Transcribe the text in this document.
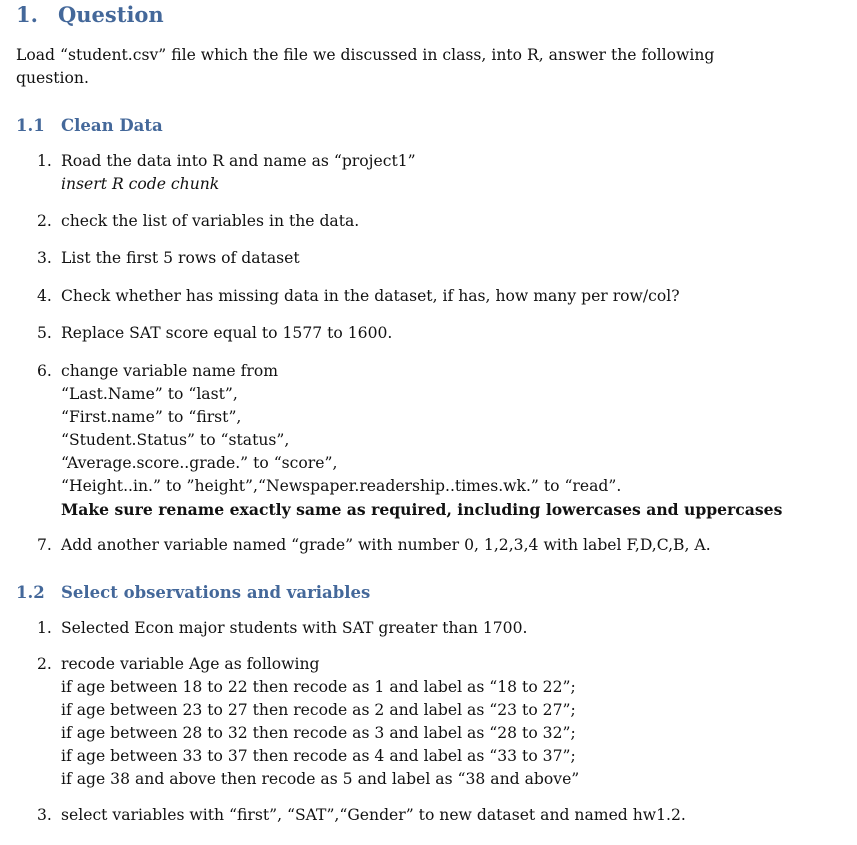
1. Question
Load “student.csv” file which the file we discussed in class, into R, answer the following question.
1.1 Clean Data
1. Road the data into R and name as “project1”
insert R code chunk
2. check the list of variables in the data.
3. List the first 5 rows of dataset
4. Check whether has missing data in the dataset, if has, how many per row/col?
5. Replace SAT score equal to 1577 to 1600.
6. change variable name from
“Last.Name” to “last”,
“First.name” to “first”,
“Student.Status” to “status”,
“Average.score..grade.” to “score”,
“Height..in.” to ”height”,“Newspaper.readership..times.wk.” to “read”.
Make sure rename exactly same as required, including lowercases and uppercases
7. Add another variable named “grade” with number 0, 1,2,3,4 with label F,D,C,B, A.
1.2 Select observations and variables
1. Selected Econ major students with SAT greater than 1700.
2. recode variable Age as following
if age between 18 to 22 then recode as 1 and label as “18 to 22”;
if age between 23 to 27 then recode as 2 and label as “23 to 27”;
if age between 28 to 32 then recode as 3 and label as “28 to 32”;
if age between 33 to 37 then recode as 4 and label as “33 to 37”;
if age 38 and above then recode as 5 and label as “38 and above”
3. select variables with “first”, “SAT”,“Gender” to new dataset and named hw1.2.
